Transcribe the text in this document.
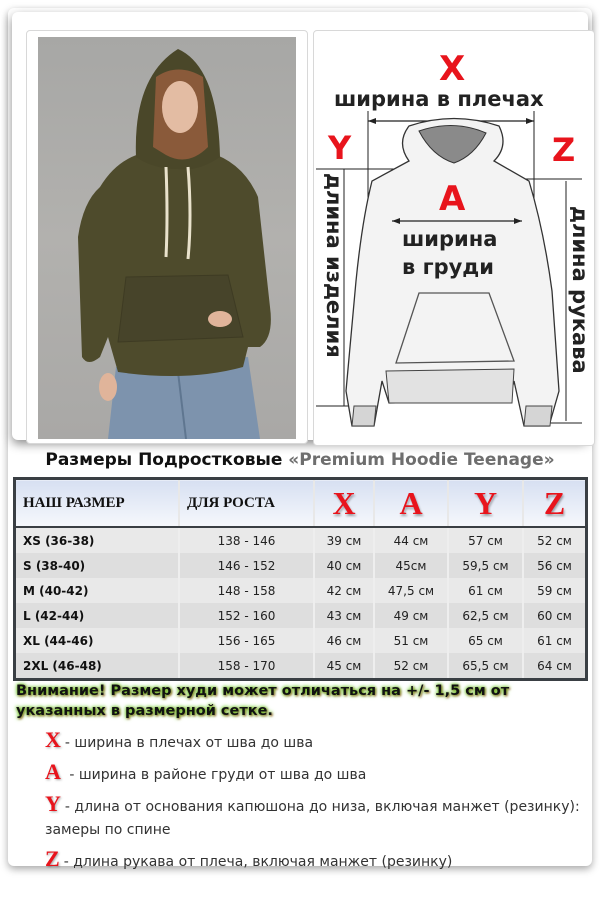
X
ширина в плечах
Y	Z
A
ширина
в груди
длина изделия	длина рукава
Размеры Подростковые «Premium Hoodie Teenage»
НАШ РАЗМЕР	ДЛЯ РОСТА	X	A	Y	Z
XS (36-38)	138 - 146	39 см	44 см	57 см	52 см
S (38-40)	146 - 152	40 см	45см	59,5 см	56 см
M (40-42)	148 - 158	42 см	47,5 см	61 см	59 см
L (42-44)	152 - 160	43 см	49 см	62,5 см	60 см
XL (44-46)	156 - 165	46 см	51 см	65 см	61 см
2XL (46-48)	158 - 170	45 см	52 см	65,5 см	64 см
Внимание! Размер худи может отличаться на +/- 1,5 см от указанных в размерной сетке.
X - ширина в плечах от шва до шва
A - ширина в районе груди от шва до шва
Y - длина от основания капюшона до низа, включая манжет (резинку): замеры по спине
Z - длина рукава от плеча, включая манжет (резинку)
